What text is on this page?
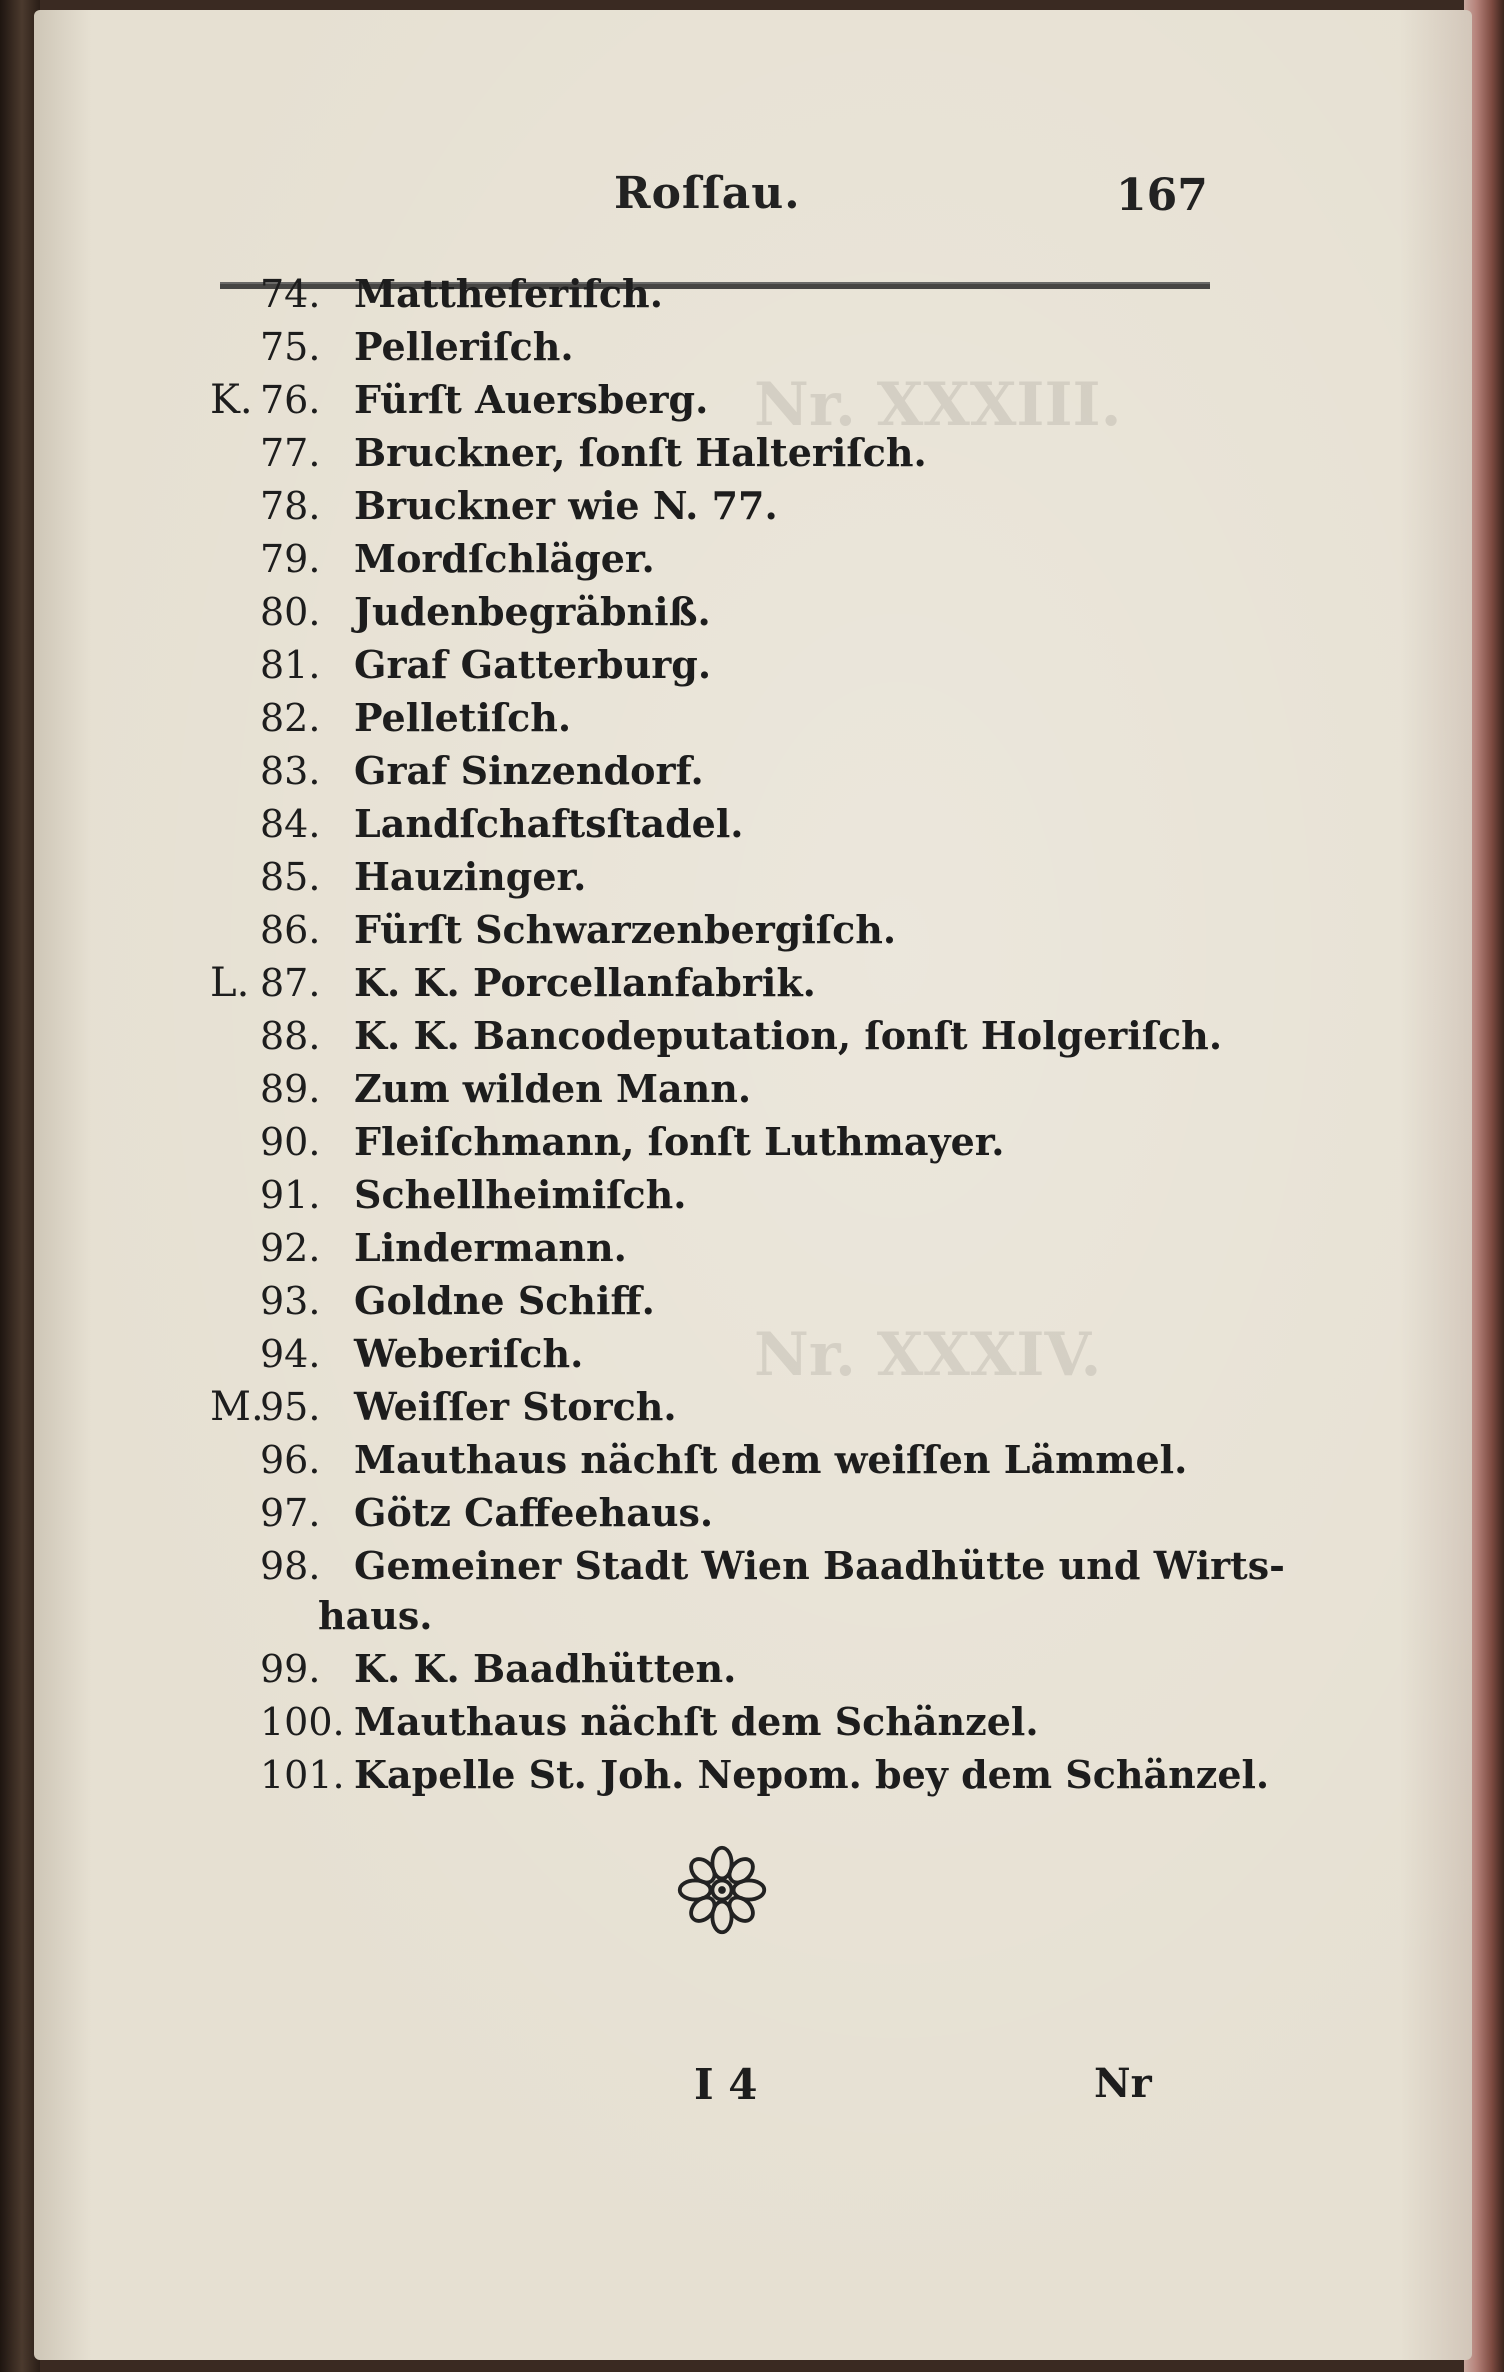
Nr. XXXIII.
Nr. XXXIV.
Roſſau.	167
74. Mattheſeriſch.
75. Pelleriſch.
K. 76. Fürſt Auersberg.
77. Bruckner, ſonſt Halteriſch.
78. Bruckner wie N. 77.
79. Mordſchläger.
80. Judenbegräbniß.
81. Graf Gatterburg.
82. Pelletiſch.
83. Graf Sinzendorf.
84. Landſchaftsſtadel.
85. Hauzinger.
86. Fürſt Schwarzenbergiſch.
L. 87. K. K. Porcellanfabrik.
88. K. K. Bancodeputation, ſonſt Holgeriſch.
89. Zum wilden Mann.
90. Fleiſchmann, ſonſt Luthmayer.
91. Schellheimiſch.
92. Lindermann.
93. Goldne Schiff.
94. Weberiſch.
M.
95. Weiſſer Storch.
96. Mauthaus nächſt dem weiſſen Lämmel.
97. Götz Caffeehaus.
98. Gemeiner Stadt Wien Baadhütte und Wirts-
haus.
99. K. K. Baadhütten.
100. Mauthaus nächſt dem Schänzel.
101. Kapelle St. Joh. Nepom. bey dem Schänzel.
I 4	Nr
